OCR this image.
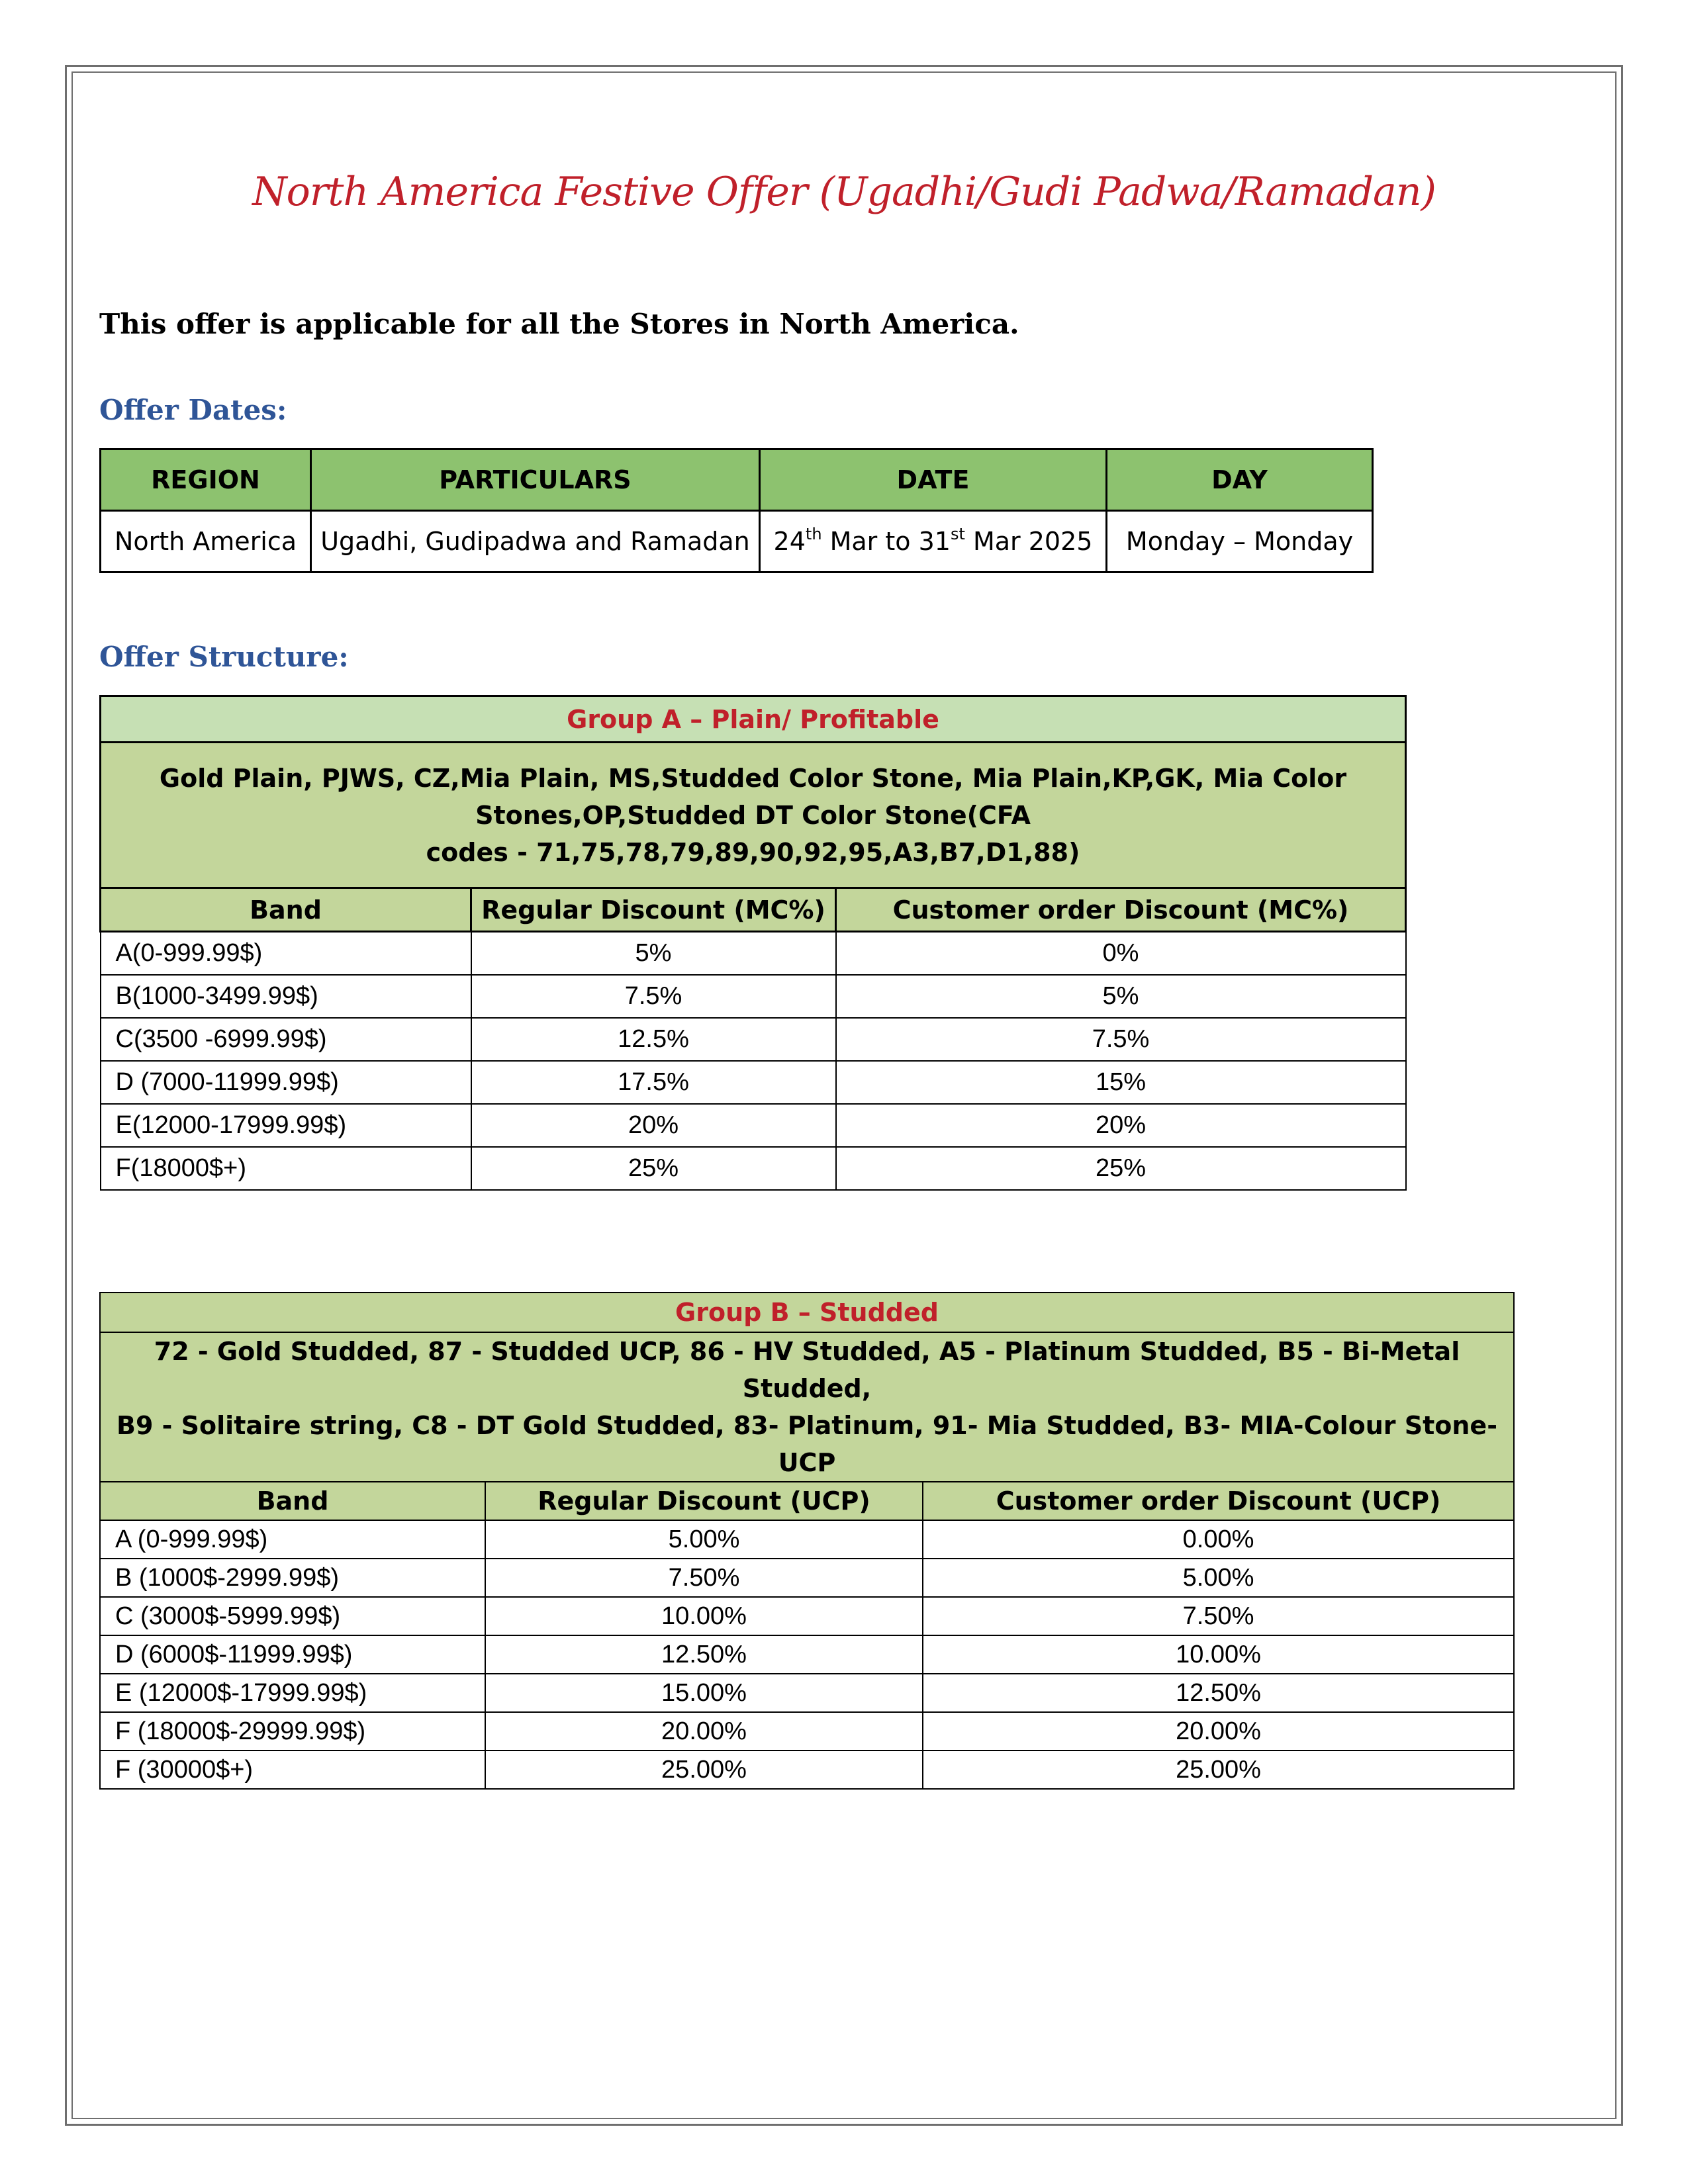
North America Festive Offer (Ugadhi/Gudi Padwa/Ramadan)
This offer is applicable for all the Stores in North America.
Offer Dates:
REGION	PARTICULARS	DATE	DAY
North America	Ugadhi, Gudipadwa and Ramadan	24th Mar to 31st Mar 2025	Monday – Monday
Offer Structure:
Group A – Plain/ Profitable		

Gold Plain, PJWS, CZ,Mia Plain, MS,Studded Color Stone, Mia Plain,KP,GK, Mia Color
Stones,OP,Studded DT Color Stone(CFA
codes - 71,75,78,79,89,90,92,95,A3,B7,D1,88)		

Band	Regular Discount (MC%)	Customer order Discount (MC%)
A(0-999.99$)	5%	0%
B(1000-3499.99$)	7.5%	5%
C(3500 -6999.99$)	12.5%	7.5%
D (7000-11999.99$)	17.5%	15%
E(12000-17999.99$)	20%	20%
F(18000$+)	25%	25%
Group B – Studded		

72 - Gold Studded, 87 - Studded UCP, 86 - HV Studded, A5 - Platinum Studded, B5 - Bi-Metal Studded,
B9 - Solitaire string, C8 - DT Gold Studded, 83- Platinum, 91- Mia Studded, B3- MIA-Colour Stone-UCP		

Band	Regular Discount (UCP)	Customer order Discount (UCP)
A (0-999.99$)	5.00%	0.00%
B (1000$-2999.99$)	7.50%	5.00%
C (3000$-5999.99$)	10.00%	7.50%
D (6000$-11999.99$)	12.50%	10.00%
E (12000$-17999.99$)	15.00%	12.50%
F (18000$-29999.99$)	20.00%	20.00%
F (30000$+)	25.00%	25.00%
